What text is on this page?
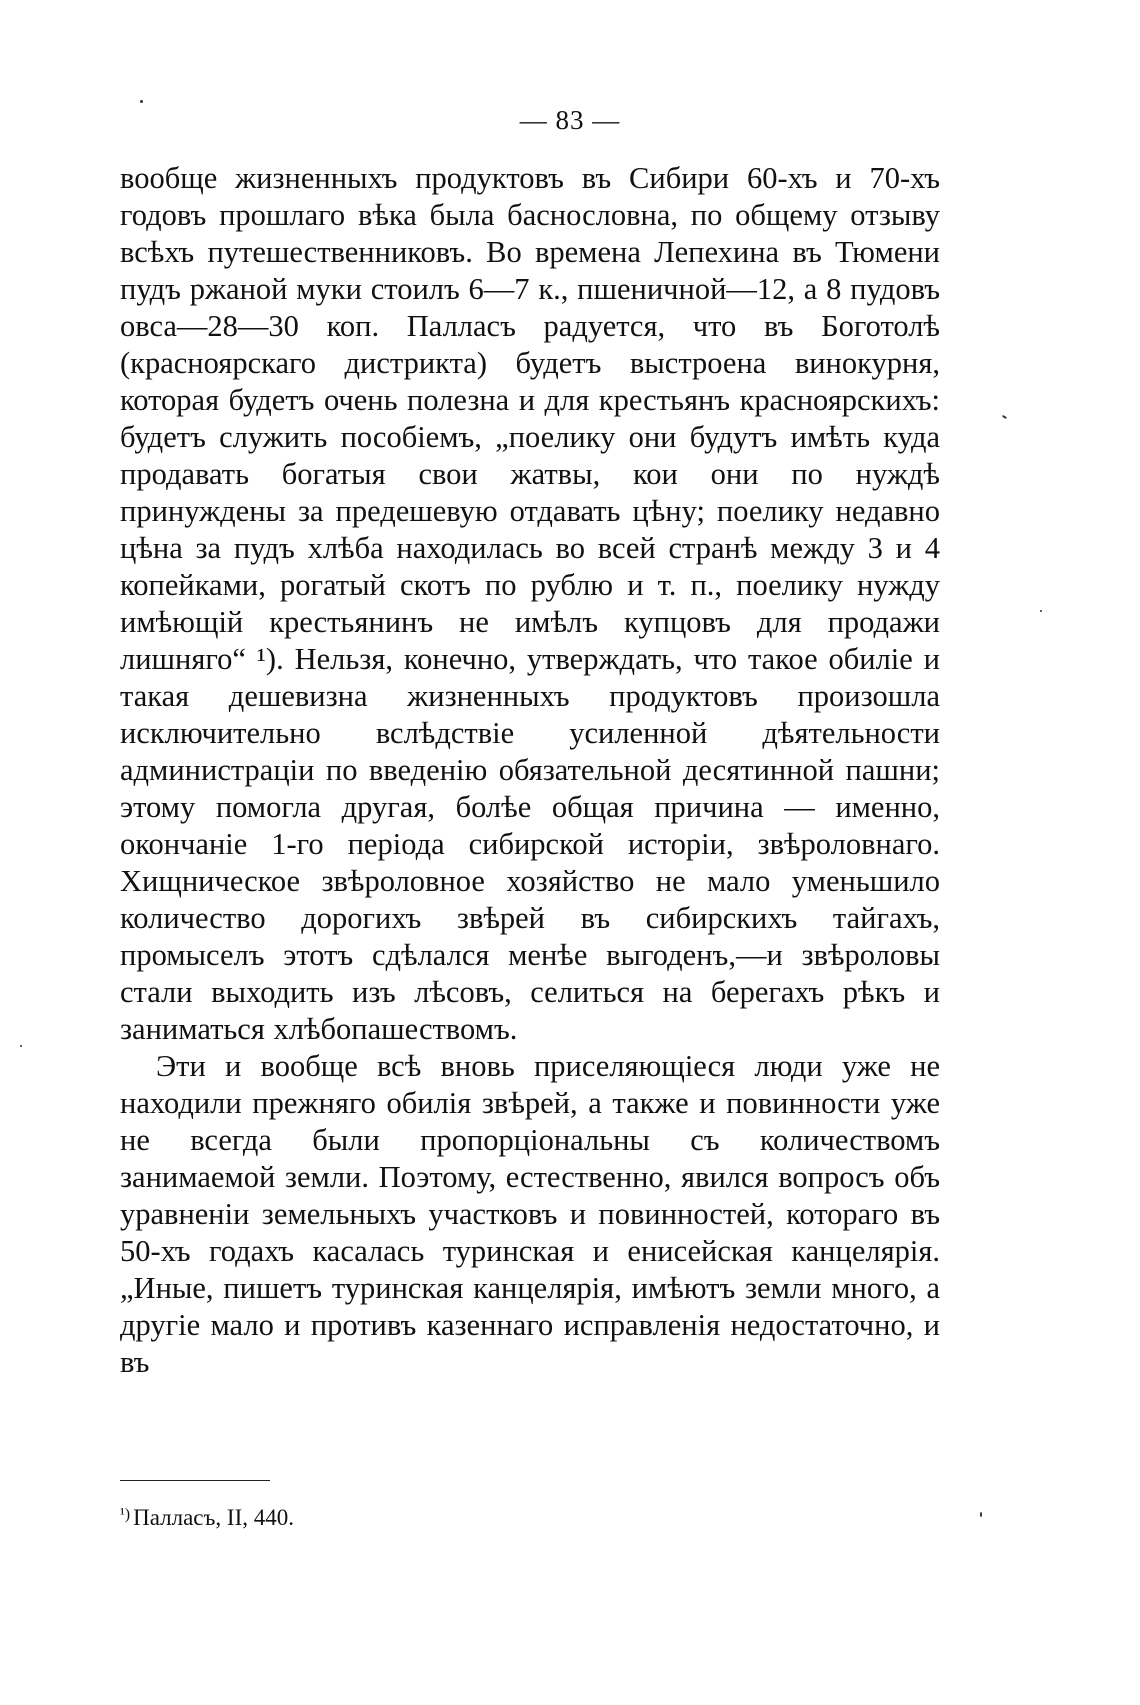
— 83 —

вообще жизненныхъ продуктовъ въ Сибири 60-хъ и 70-хъ годовъ прошлаго вѣка была баснословна, по общему отзыву всѣхъ путешественниковъ. Во времена Лепехина въ Тюмени пудъ ржаной муки стоилъ 6—7 к., пшеничной—12, а 8 пудовъ овса—28—30 коп. Палласъ радуется, что въ Боготолѣ (красноярскаго дистрикта) будетъ выстроена винокурня, которая будетъ очень полезна и для крестьянъ красноярскихъ: будетъ служить пособіемъ, „поелику они будутъ имѣть куда продавать богатыя свои жатвы, кои они по нуждѣ принуждены за предешевую отдавать цѣну; поелику недавно цѣна за пудъ хлѣба находилась во всей странѣ между 3 и 4 копейками, рогатый скотъ по рублю и т. п., поелику нужду имѣющій крестьянинъ не имѣлъ купцовъ для продажи лишняго“ ¹). Нельзя, конечно, утверждать, что такое обиліе и такая дешевизна жизненныхъ продуктовъ произошла исключительно вслѣдствіе усиленной дѣятельности администраціи по введенію обязательной десятинной пашни; этому помогла другая, болѣе общая причина — именно, окончаніе 1-го періода сибирской исторіи, звѣроловнаго. Хищническое звѣроловное хозяйство не мало уменьшило количество дорогихъ звѣрей въ сибирскихъ тайгахъ, промыселъ этотъ сдѣлался менѣе выгоденъ,—и звѣроловы стали выходить изъ лѣсовъ, селиться на берегахъ рѣкъ и заниматься хлѣбопашествомъ.

Эти и вообще всѣ вновь приселяющіеся люди уже не находили прежняго обилія звѣрей, а также и повинности уже не всегда были пропорціональны съ количествомъ занимаемой земли. Поэтому, естественно, явился вопросъ объ уравненіи земельныхъ участковъ и повинностей, котораго въ 50-хъ годахъ касалась туринская и енисейская канцелярія. „Иные, пишетъ туринская канцелярія, имѣютъ земли много, а другіе мало и противъ казеннаго исправленія недостаточно, и въ

$^{^1)}$ Палласъ, II, 440.
